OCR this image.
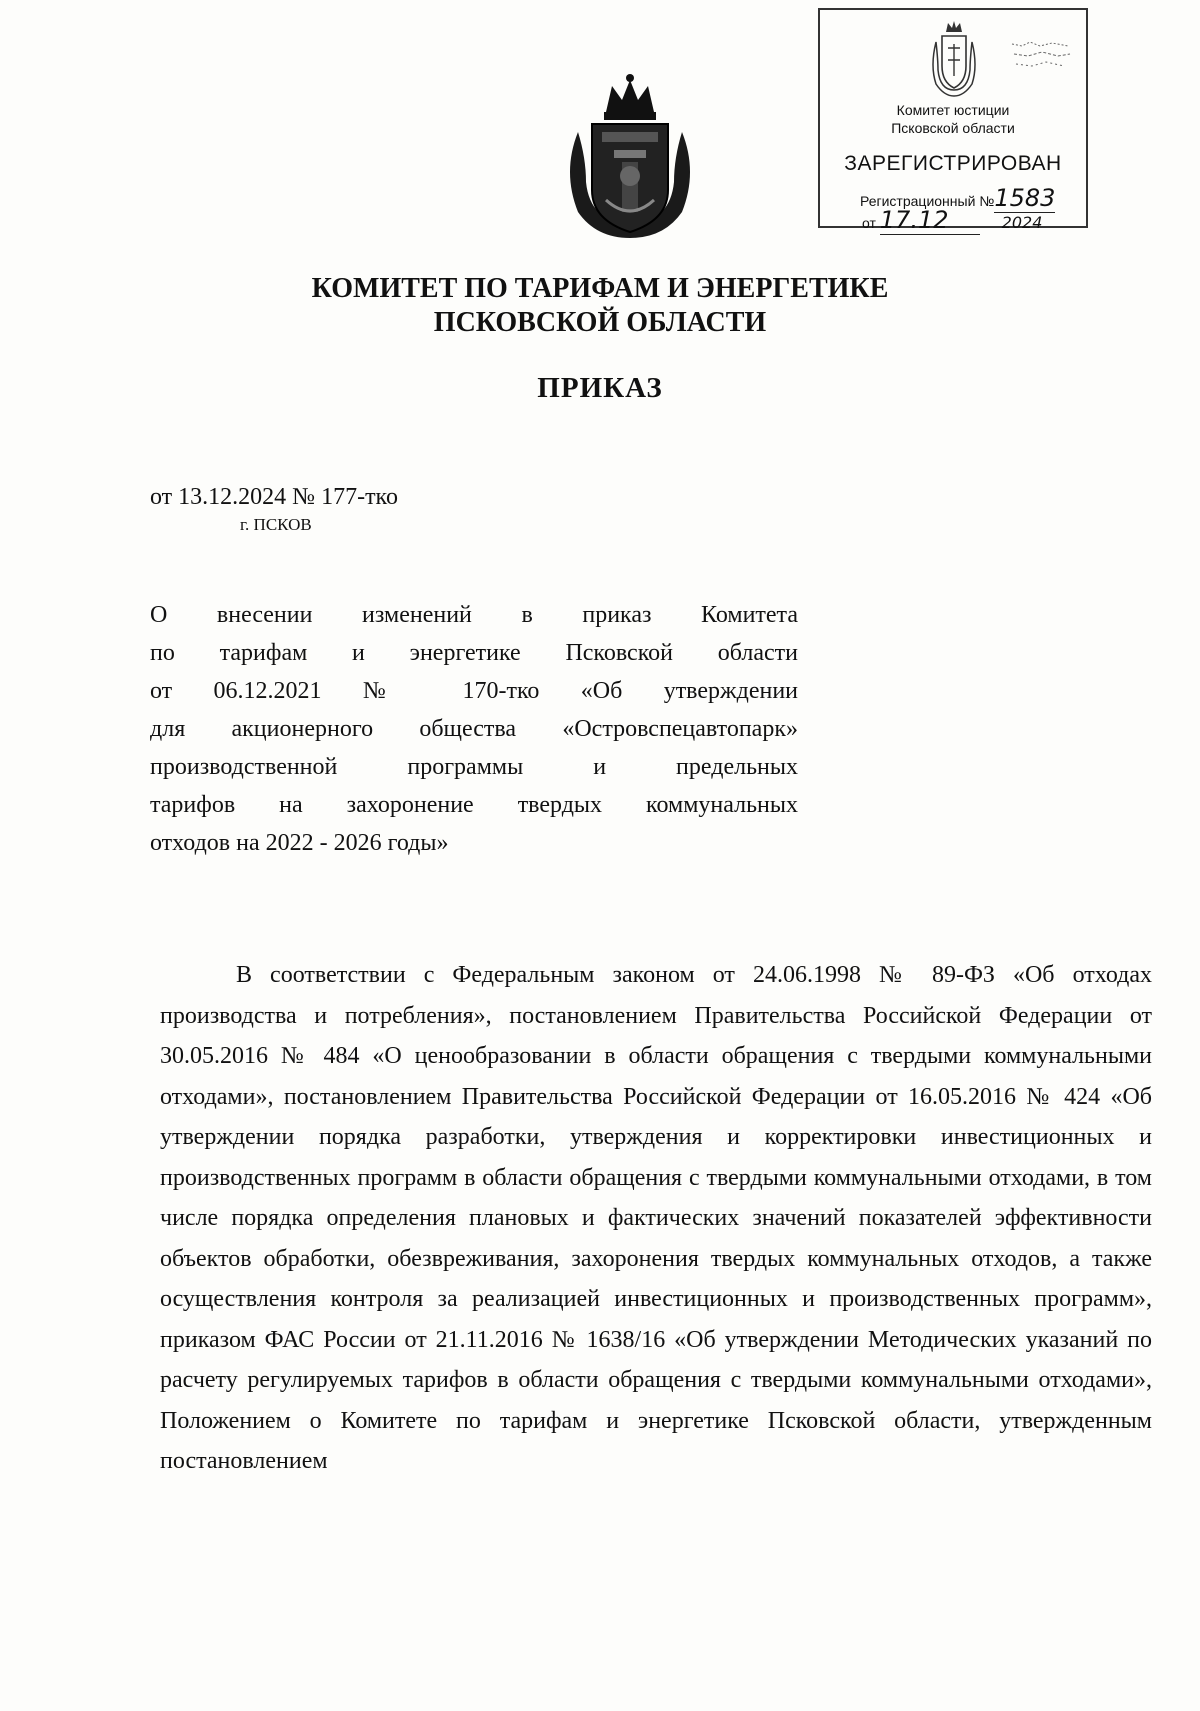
Комитет юстиции
Псковской области
ЗАРЕГИСТРИРОВАН
Регистрационный №1583
от 17.12	2024
КОМИТЕТ ПО ТАРИФАМ И ЭНЕРГЕТИКЕ
ПСКОВСКОЙ ОБЛАСТИ
ПРИКАЗ
от 13.12.2024 № 177-тко
г. ПСКОВ
О внесении изменений в приказ Комитета
по тарифам и энергетике Псковской области
от 06.12.2021 № 170-тко «Об утверждении
для акционерного общества «Островспецавтопарк»
производственной программы и предельных
тарифов на захоронение твердых коммунальных
отходов на 2022 - 2026 годы»
В соответствии с Федеральным законом от 24.06.1998 № 89-ФЗ «Об отходах производства и потребления», постановлением Правительства Российской Федерации от 30.05.2016 № 484 «О ценообразовании в области обращения с твердыми коммунальными отходами», постановлением Правительства Российской Федерации от 16.05.2016 № 424 «Об утверждении порядка разработки, утверждения и корректировки инвестиционных и производственных программ в области обращения с твердыми коммунальными отходами, в том числе порядка определения плановых и фактических значений показателей эффективности объектов обработки, обезвреживания, захоронения твердых коммунальных отходов, а также осуществления контроля за реализацией инвестиционных и производственных программ», приказом ФАС России от 21.11.2016 № 1638/16 «Об утверждении Методических указаний по расчету регулируемых тарифов в области обращения с твердыми коммунальными отходами», Положением о Комитете по тарифам и энергетике Псковской области, утвержденным постановлением
